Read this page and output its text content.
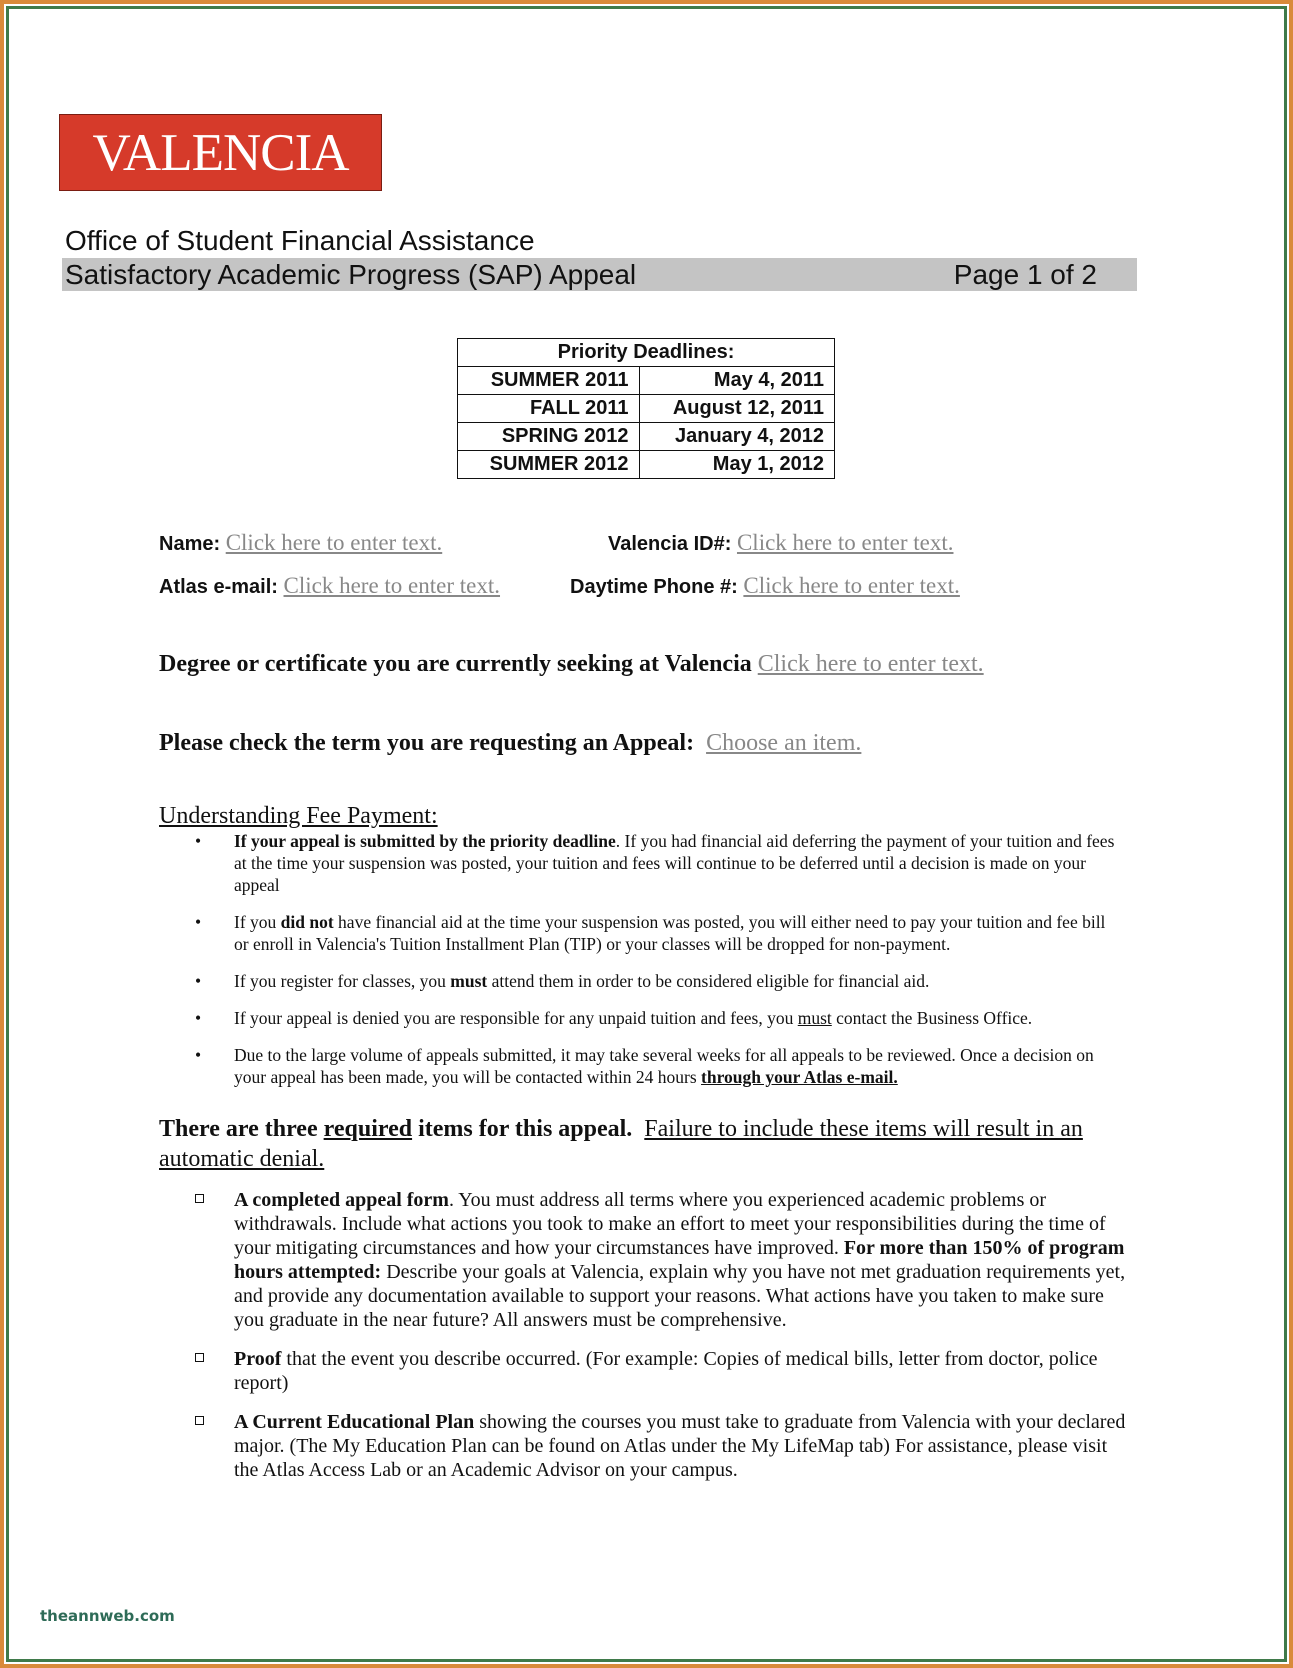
VALENCIA
Office of Student Financial Assistance
Satisfactory Academic Progress (SAP) Appeal	Page 1 of 2
Priority Deadlines:	
SUMMER 2011	May 4, 2011
FALL 2011	August 12, 2011
SPRING 2012	January 4, 2012
SUMMER 2012	May 1, 2012
Name: Click here to enter text.	Valencia ID#: Click here to enter text.
Atlas e-mail: Click here to enter text.	Daytime Phone #: Click here to enter text.
Degree or certificate you are currently seeking at Valencia Click here to enter text.
Please check the term you are requesting an Appeal: Choose an item.
Understanding Fee Payment:
• If your appeal is submitted by the priority deadline. If you had financial aid deferring the payment of your tuition and fees at the time your suspension was posted, your tuition and fees will continue to be deferred until a decision is made on your appeal
• If you did not have financial aid at the time your suspension was posted, you will either need to pay your tuition and fee bill or enroll in Valencia's Tuition Installment Plan (TIP) or your classes will be dropped for non-payment.
• If you register for classes, you must attend them in order to be considered eligible for financial aid.
• If your appeal is denied you are responsible for any unpaid tuition and fees, you must contact the Business Office.
• Due to the large volume of appeals submitted, it may take several weeks for all appeals to be reviewed. Once a decision on your appeal has been made, you will be contacted within 24 hours through your Atlas e-mail.
There are three required items for this appeal. Failure to include these items will result in an automatic denial.
A completed appeal form. You must address all terms where you experienced academic problems or withdrawals. Include what actions you took to make an effort to meet your responsibilities during the time of your mitigating circumstances and how your circumstances have improved. For more than 150% of program hours attempted: Describe your goals at Valencia, explain why you have not met graduation requirements yet, and provide any documentation available to support your reasons. What actions have you taken to make sure you graduate in the near future? All answers must be comprehensive.
Proof that the event you describe occurred. (For example: Copies of medical bills, letter from doctor, police report)
A Current Educational Plan showing the courses you must take to graduate from Valencia with your declared major. (The My Education Plan can be found on Atlas under the My LifeMap tab) For assistance, please visit the Atlas Access Lab or an Academic Advisor on your campus.
theannweb.com
